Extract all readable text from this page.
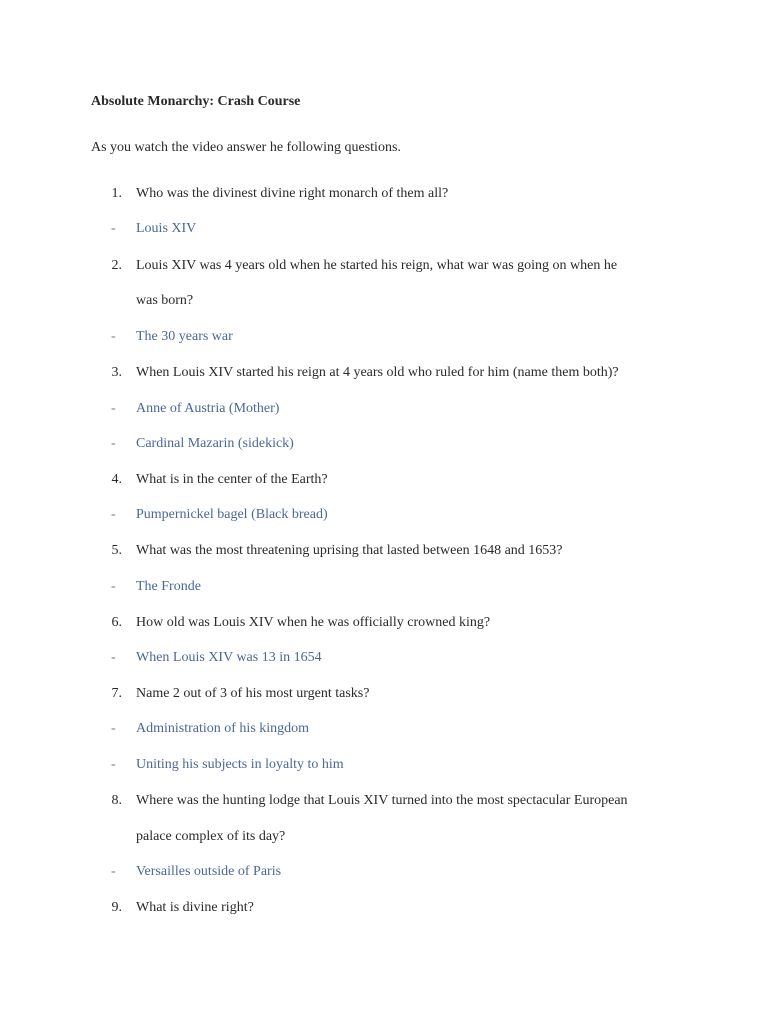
Absolute Monarchy: Crash Course
As you watch the video answer he following questions.
1. Who was the divinest divine right monarch of them all?
- Louis XIV
2. Louis XIV was 4 years old when he started his reign, what war was going on when he
was born?
- The 30 years war
3. When Louis XIV started his reign at 4 years old who ruled for him (name them both)?
- Anne of Austria (Mother)
- Cardinal Mazarin (sidekick)
4. What is in the center of the Earth?
- Pumpernickel bagel (Black bread)
5. What was the most threatening uprising that lasted between 1648 and 1653?
- The Fronde
6. How old was Louis XIV when he was officially crowned king?
- When Louis XIV was 13 in 1654
7. Name 2 out of 3 of his most urgent tasks?
- Administration of his kingdom
- Uniting his subjects in loyalty to him
8. Where was the hunting lodge that Louis XIV turned into the most spectacular European
palace complex of its day?
- Versailles outside of Paris
9. What is divine right?
